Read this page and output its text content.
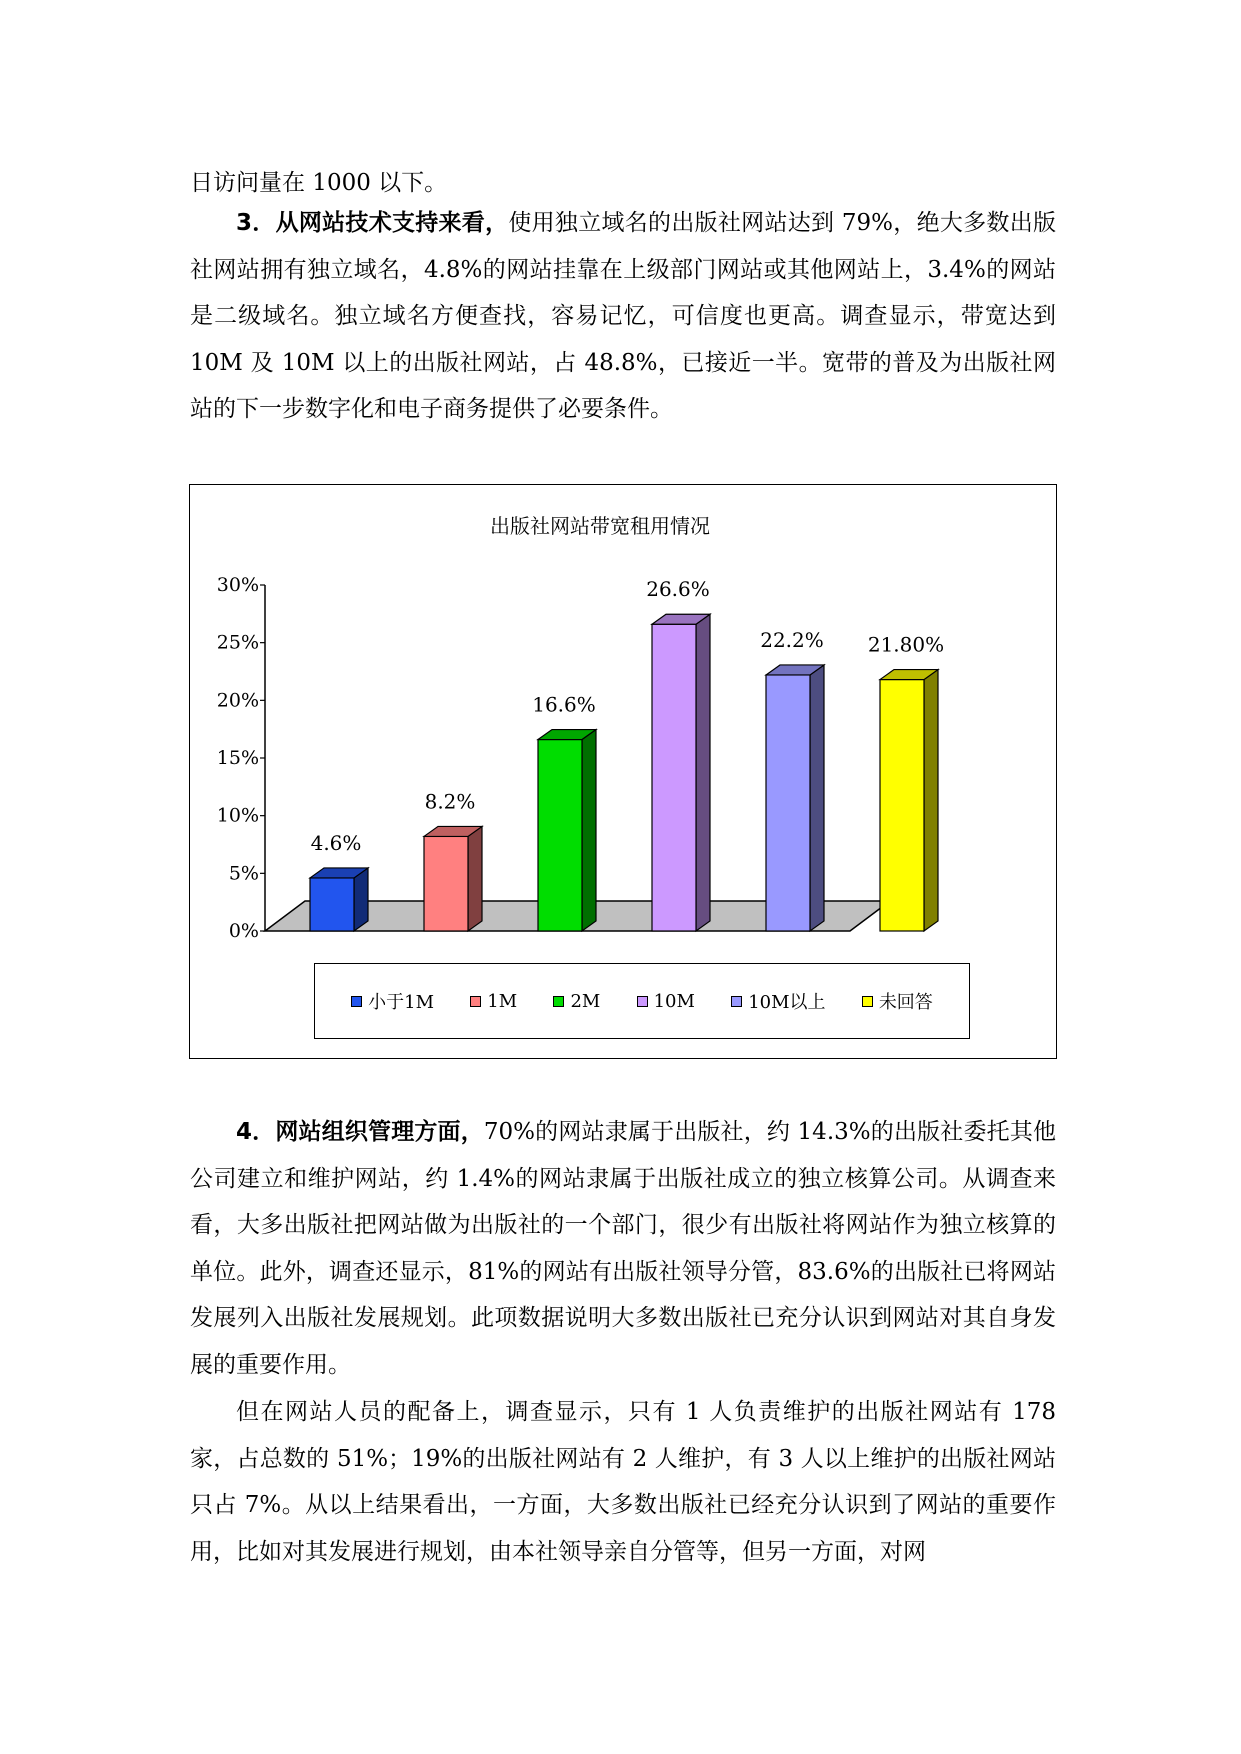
日访问量在 1000 以下。

3．从网站技术支持来看，使用独立域名的出版社网站达到 79%，绝大多数出版社网站拥有独立域名，4.8%的网站挂靠在上级部门网站或其他网站上，3.4%的网站是二级域名。独立域名方便查找，容易记忆，可信度也更高。调查显示，带宽达到 10M 及 10M 以上的出版社网站，占 48.8%，已接近一半。宽带的普及为出版社网站的下一步数字化和电子商务提供了必要条件。

出版社网站带宽租用情况
0%
5%
10%
15%
20%
25%
30%
4.6%
8.2%
16.6%
26.6%
22.2% 21.80%
小于1M	1M	2M	10M	10M以上	未回答

4．网站组织管理方面，70%的网站隶属于出版社，约 14.3%的出版社委托其他公司建立和维护网站，约 1.4%的网站隶属于出版社成立的独立核算公司。从调查来看，大多出版社把网站做为出版社的一个部门，很少有出版社将网站作为独立核算的单位。此外，调查还显示，81%的网站有出版社领导分管，83.6%的出版社已将网站发展列入出版社发展规划。此项数据说明大多数出版社已充分认识到网站对其自身发展的重要作用。

但在网站人员的配备上，调查显示，只有 1 人负责维护的出版社网站有 178 家，占总数的 51%；19%的出版社网站有 2 人维护，有 3 人以上维护的出版社网站只占 7%。从以上结果看出，一方面，大多数出版社已经充分认识到了网站的重要作用，比如对其发展进行规划，由本社领导亲自分管等，但另一方面，对网
